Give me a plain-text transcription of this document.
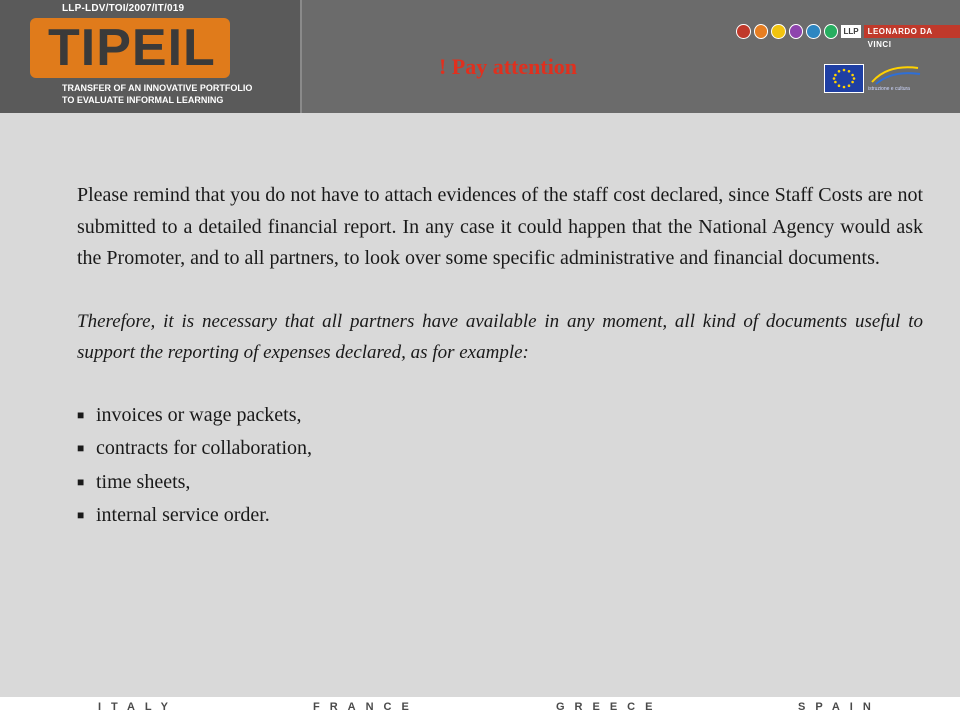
LLP-LDV/TOI/2007/IT/019
TIPEIL
TRANSFER OF AN INNOVATIVE PORTFOLIO
TO EVALUATE INFORMAL LEARNING
! Pay attention
LLP	LEONARDO DA VINCI
istruzione e cultura

Please remind that you do not have to attach evidences of the staff cost declared, since Staff Costs are not submitted to a detailed financial report. In any case it could happen that the National Agency would ask the Promoter, and to all partners, to look over some specific administrative and financial documents.

Therefore, it is necessary that all partners have available in any moment, all kind of documents useful to support the reporting of expenses declared, as for example:

■ invoices or wage packets,
■ contracts for collaboration,
■ time sheets,
■ internal service order.
ITALY	FRANCE	GREECE	SPAIN
